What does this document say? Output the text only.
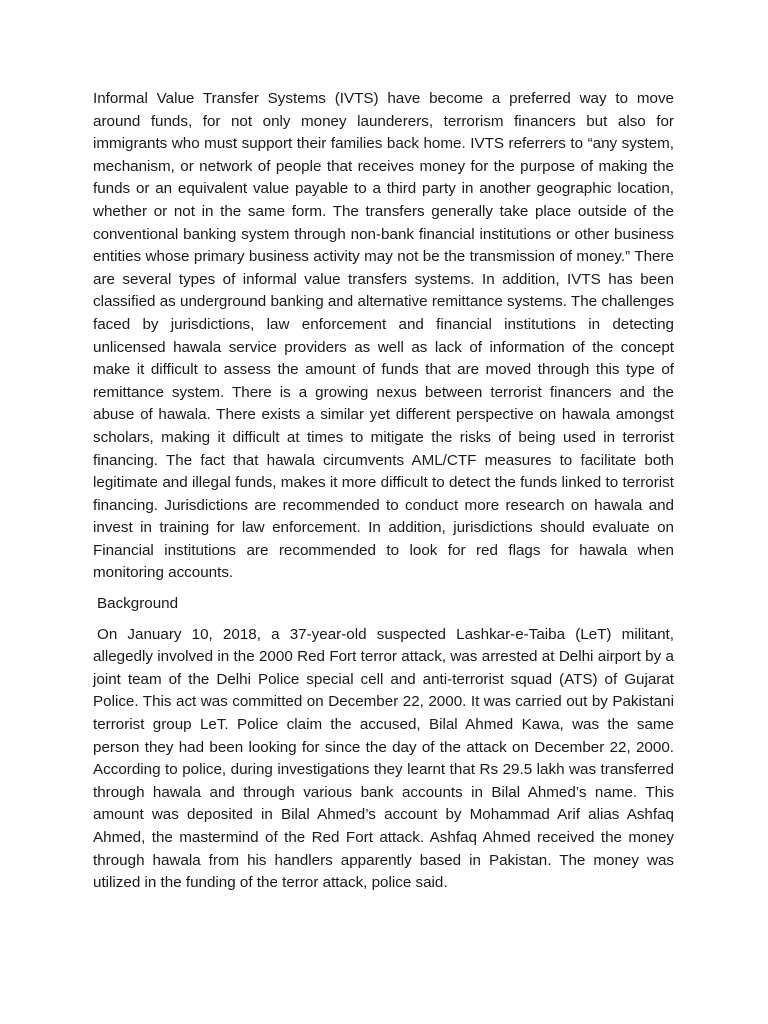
Informal Value Transfer Systems (IVTS) have become a preferred way to move around funds, for not only money launderers, terrorism financers but also for immigrants who must support their families back home. IVTS referrers to “any system, mechanism, or network of people that receives money for the purpose of making the funds or an equivalent value payable to a third party in another geographic location, whether or not in the same form. The transfers generally take place outside of the conventional banking system through non-bank financial institutions or other business entities whose primary business activity may not be the transmission of money.” There are several types of informal value transfers systems. In addition, IVTS has been classified as underground banking and alternative remittance systems. The challenges faced by jurisdictions, law enforcement and financial institutions in detecting unlicensed hawala service providers as well as lack of information of the concept make it difficult to assess the amount of funds that are moved through this type of remittance system. There is a growing nexus between terrorist financers and the abuse of hawala. There exists a similar yet different perspective on hawala amongst scholars, making it difficult at times to mitigate the risks of being used in terrorist financing. The fact that hawala circumvents AML/CTF measures to facilitate both legitimate and illegal funds, makes it more difficult to detect the funds linked to terrorist financing. Jurisdictions are recommended to conduct more research on hawala and invest in training for law enforcement. In addition, jurisdictions should evaluate on Financial institutions are recommended to look for red flags for hawala when monitoring accounts.

Background

On January 10, 2018, a 37-year-old suspected Lashkar-e-Taiba (LeT) militant, allegedly involved in the 2000 Red Fort terror attack, was arrested at Delhi airport by a joint team of the Delhi Police special cell and anti-terrorist squad (ATS) of Gujarat Police. This act was committed on December 22, 2000. It was carried out by Pakistani terrorist group LeT. Police claim the accused, Bilal Ahmed Kawa, was the same person they had been looking for since the day of the attack on December 22, 2000. According to police, during investigations they learnt that Rs 29.5 lakh was transferred through hawala and through various bank accounts in Bilal Ahmed’s name. This amount was deposited in Bilal Ahmed’s account by Mohammad Arif alias Ashfaq Ahmed, the mastermind of the Red Fort attack. Ashfaq Ahmed received the money through hawala from his handlers apparently based in Pakistan. The money was utilized in the funding of the terror attack, police said.
